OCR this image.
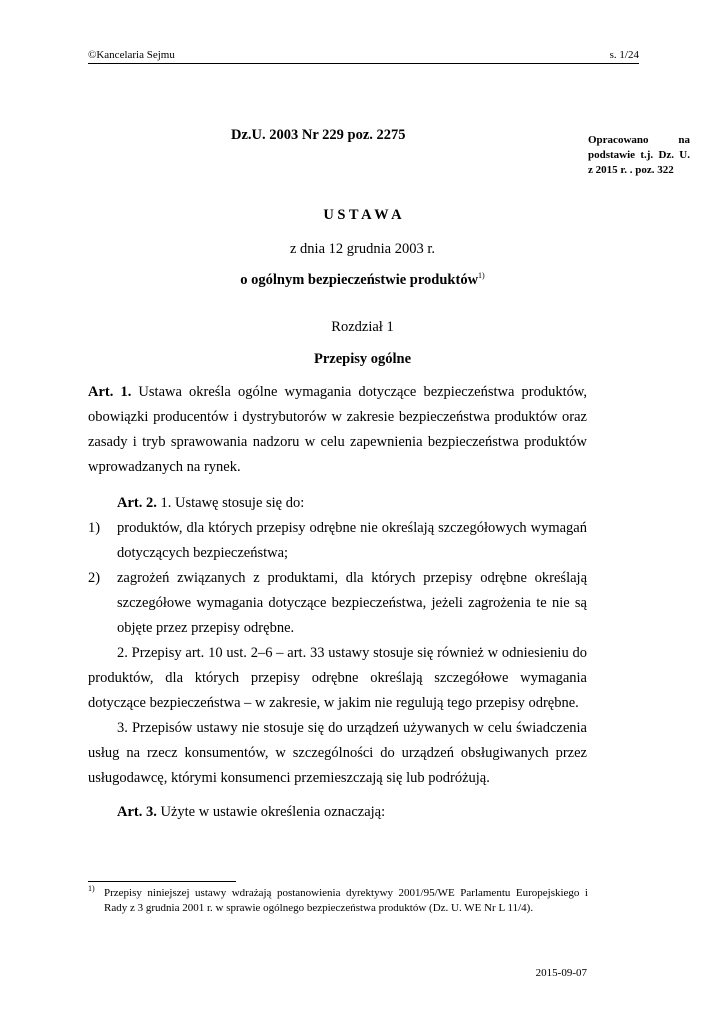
©Kancelaria Sejmu	s. 1/24
Dz.U. 2003 Nr 229 poz. 2275	Opracowano na podstawie t.j. Dz. U. z 2015 r. . poz. 322
U S T A W A
z dnia 12 grudnia 2003 r.
o ogólnym bezpieczeństwie produktów$^{1)}$
Rozdział 1
Przepisy ogólne
Art. 1. Ustawa określa ogólne wymagania dotyczące bezpieczeństwa produktów, obowiązki producentów i dystrybutorów w zakresie bezpieczeństwa produktów oraz zasady i tryb sprawowania nadzoru w celu zapewnienia bezpieczeństwa produktów wprowadzanych na rynek.
Art. 2. 1. Ustawę stosuje się do:
1) produktów, dla których przepisy odrębne nie określają szczegółowych wymagań dotyczących bezpieczeństwa;
2) zagrożeń związanych z produktami, dla których przepisy odrębne określają szczegółowe wymagania dotyczące bezpieczeństwa, jeżeli zagrożenia te nie są objęte przez przepisy odrębne.
2. Przepisy art. 10 ust. 2–6 – art. 33 ustawy stosuje się również w odniesieniu do produktów, dla których przepisy odrębne określają szczegółowe wymagania dotyczące bezpieczeństwa – w zakresie, w jakim nie regulują tego przepisy odrębne.
3. Przepisów ustawy nie stosuje się do urządzeń używanych w celu świadczenia usług na rzecz konsumentów, w szczególności do urządzeń obsługiwanych przez usługodawcę, którymi konsumenci przemieszczają się lub podróżują.
Art. 3. Użyte w ustawie określenia oznaczają:
1) Przepisy niniejszej ustawy wdrażają postanowienia dyrektywy 2001/95/WE Parlamentu Europejskiego i Rady z 3 grudnia 2001 r. w sprawie ogólnego bezpieczeństwa produktów (Dz. U. WE Nr L 11/4).
2015-09-07
